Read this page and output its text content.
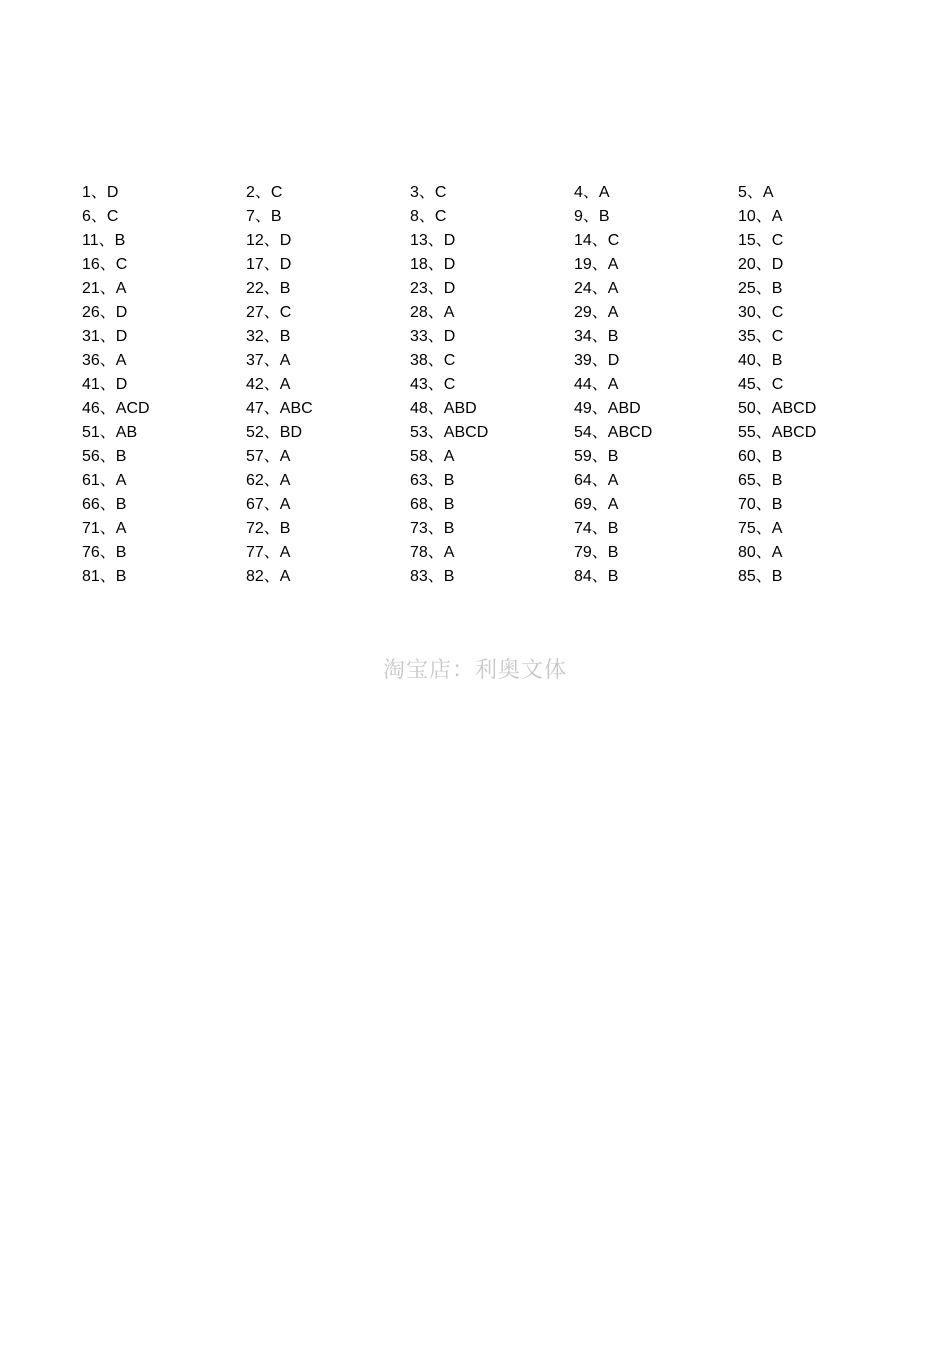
1、D	2、C	3、C	4、A	5、A
6、C	7、B	8、C	9、B	10、A
11、B	12、D	13、D	14、C	15、C
16、C	17、D	18、D	19、A	20、D
21、A	22、B	23、D	24、A	25、B
26、D	27、C	28、A	29、A	30、C
31、D	32、B	33、D	34、B	35、C
36、A	37、A	38、C	39、D	40、B
41、D	42、A	43、C	44、A	45、C
46、ACD	47、ABC	48、ABD	49、ABD	50、ABCD
51、AB	52、BD	53、ABCD	54、ABCD	55、ABCD
56、B	57、A	58、A	59、B	60、B
61、A	62、A	63、B	64、A	65、B
66、B	67、A	68、B	69、A	70、B
71、A	72、B	73、B	74、B	75、A
76、B	77、A	78、A	79、B	80、A
81、B	82、A	83、B	84、B	85、B
淘宝店：利奥文体
